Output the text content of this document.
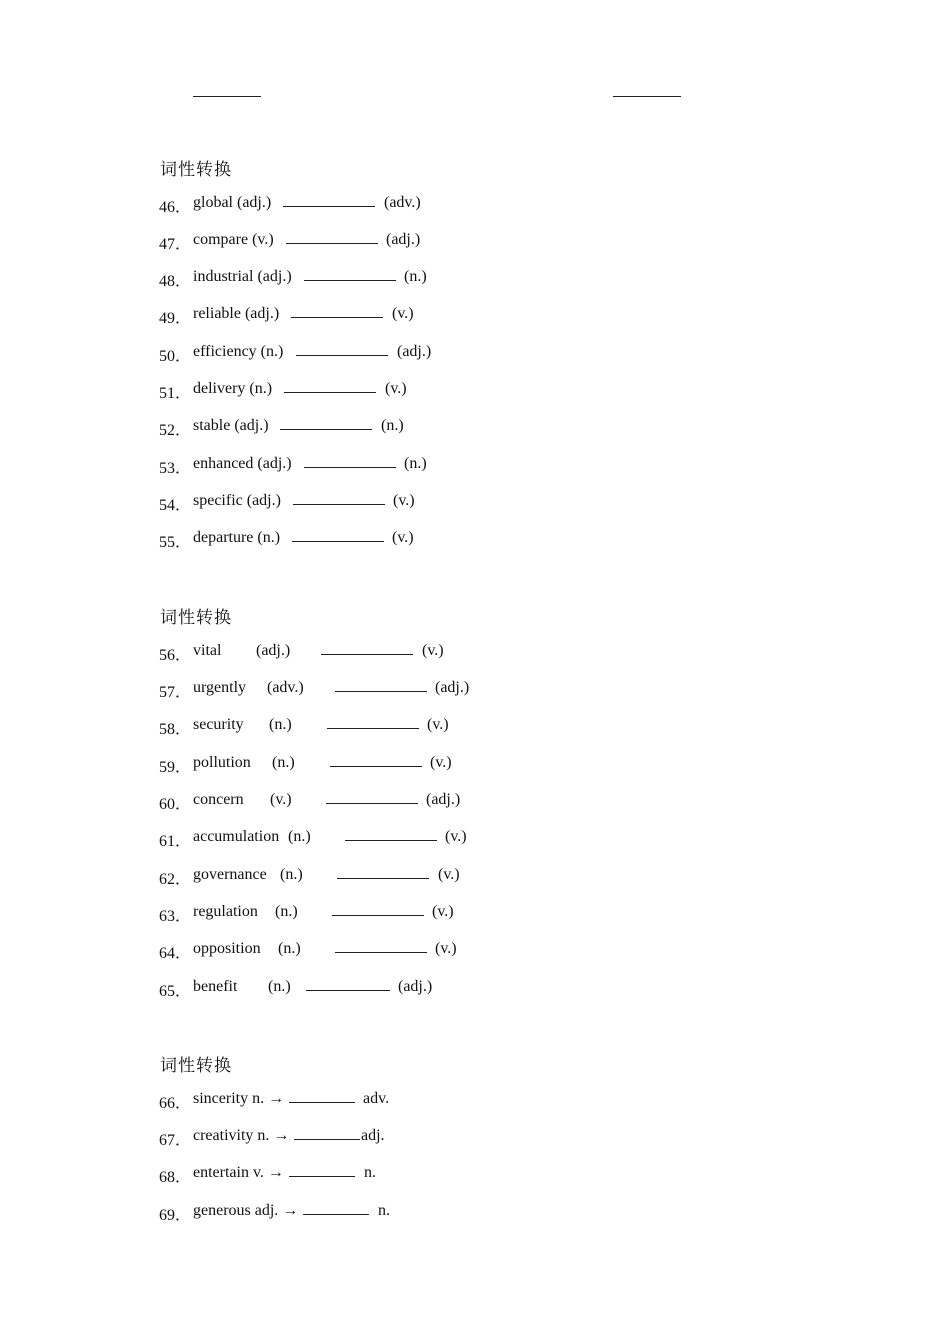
词性转换
46． global (adj.)	(adv.)
47． compare (v.)	(adj.)
48． industrial (adj.)	(n.)
49． reliable (adj.)	(v.)
50． efficiency (n.)	(adj.)
51． delivery (n.)	(v.)
52． stable (adj.)	(n.)
53． enhanced (adj.)	(n.)
54． specific (adj.)	(v.)
55． departure (n.)	(v.)
词性转换
56． vital (adj.)	(v.)
57． urgently (adv.)	(adj.)
58． security (n.)	(v.)
59． pollution (n.)	(v.)
60． concern (v.)	(adj.)
61． accumulation (n.)	(v.)
62． governance (n.)	(v.)
63． regulation (n.)	(v.)
64． opposition (n.)	(v.)
65． benefit (n.)	(adj.)
词性转换
66． sincerity n. →	adv.
67． creativity n. →	adj.
68． entertain v. →	n.
69． generous adj. →	n.
